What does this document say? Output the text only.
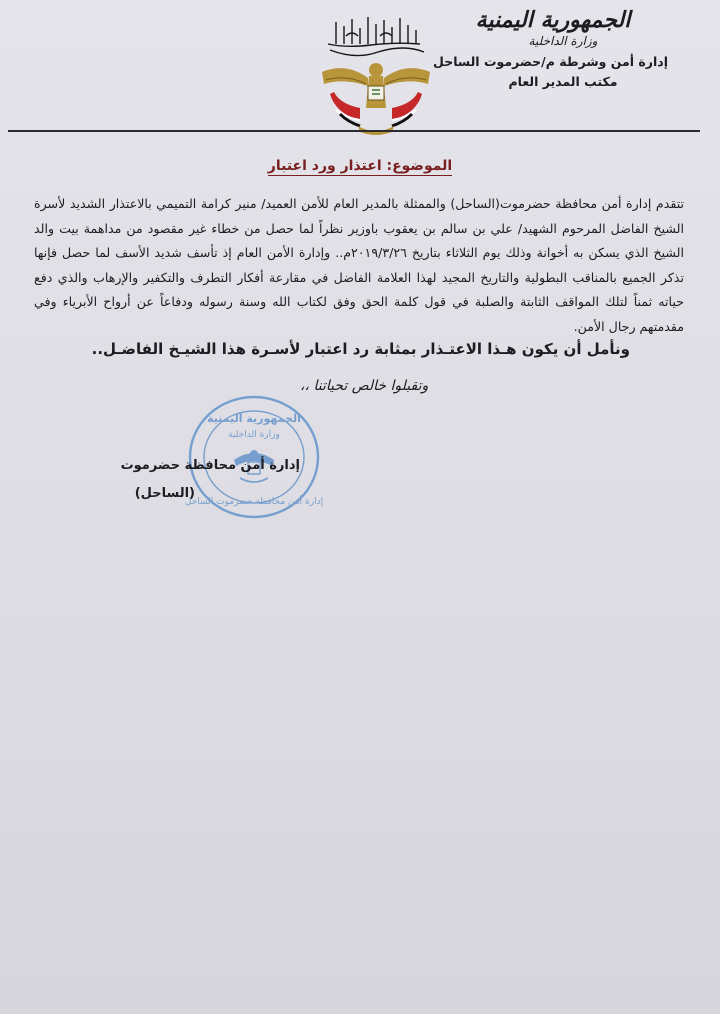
الجمهورية اليمنية
وزارة الداخلية
إدارة أمن وشرطة م/حضرموت الساحل
مكتب المدير العام
الموضوع: اعتذار ورد اعتبار

تتقدم إدارة أمن محافظة حضرموت(الساحل) والممثلة بالمدير العام للأمن العميد/ منير كرامة التميمي بالاعتذار الشديد لأسرة الشيخ الفاضل المرحوم الشهيد/ علي بن سالم بن يعقوب باوزير نظراً لما حصل من خطاء غير مقصود من مداهمة بيت والد الشيخ الذي يسكن به أخوانة وذلك يوم الثلاثاء بتاريخ ٢٠١٩/٣/٢٦م.. وإدارة الأمن العام إذ تأسف شديد الأسف لما حصل فإنها تذكر الجميع بالمناقب البطولية والتاريخ المجيد لهذا العلامة الفاضل في مقارعة أفكار التطرف والتكفير والإرهاب والذي دفع حياته ثمناً لتلك المواقف الثابتة والصلبة في قول كلمة الحق وفق لكتاب الله وسنة رسوله ودفاعاً عن أرواح الأبرياء وفي مقدمتهم رجال الأمن.

ونأمل أن يكون هـذا الاعتـذار بمثابة رد اعتبار لأسـرة هذا الشيـخ الفاضـل..
وتقبلوا خالص تحياتنا ،،
الجمهورية اليمنية
وزارة الداخلية
إدارة أمن محافظة حضرموت الساحل
إدارة أمن محافظة حضرموت
(الساحل)
